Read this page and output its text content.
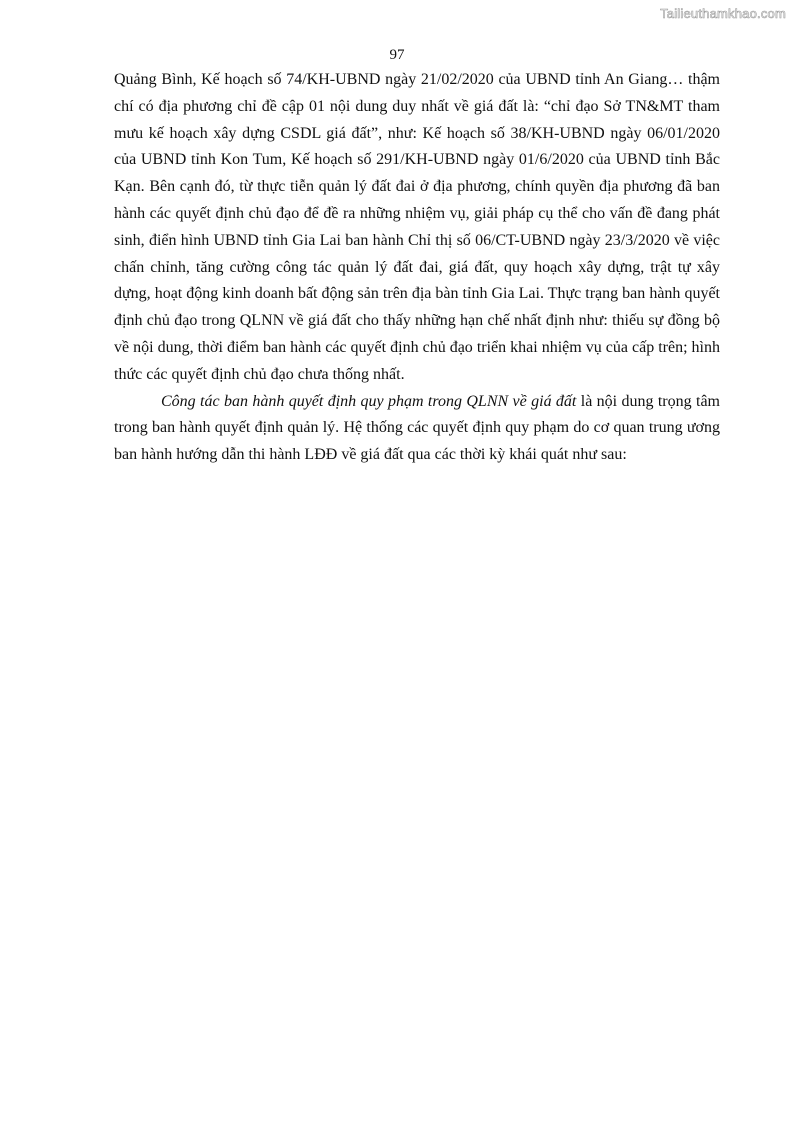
Tailieuthamkhao.com
97

Quảng Bình, Kế hoạch số 74/KH-UBND ngày 21/02/2020 của UBND tỉnh An Giang… thậm chí có địa phương chỉ đề cập 01 nội dung duy nhất về giá đất là: “chỉ đạo Sở TN&MT tham mưu kế hoạch xây dựng CSDL giá đất”, như: Kế hoạch số 38/KH-UBND ngày 06/01/2020 của UBND tỉnh Kon Tum, Kế hoạch số 291/KH-UBND ngày 01/6/2020 của UBND tỉnh Bắc Kạn. Bên cạnh đó, từ thực tiễn quản lý đất đai ở địa phương, chính quyền địa phương đã ban hành các quyết định chủ đạo để đề ra những nhiệm vụ, giải pháp cụ thể cho vấn đề đang phát sinh, điển hình UBND tỉnh Gia Lai ban hành Chỉ thị số 06/CT-UBND ngày 23/3/2020 về việc chấn chỉnh, tăng cường công tác quản lý đất đai, giá đất, quy hoạch xây dựng, trật tự xây dựng, hoạt động kinh doanh bất động sản trên địa bàn tỉnh Gia Lai. Thực trạng ban hành quyết định chủ đạo trong QLNN về giá đất cho thấy những hạn chế nhất định như: thiếu sự đồng bộ về nội dung, thời điểm ban hành các quyết định chủ đạo triển khai nhiệm vụ của cấp trên; hình thức các quyết định chủ đạo chưa thống nhất.

Công tác ban hành quyết định quy phạm trong QLNN về giá đất là nội dung trọng tâm trong ban hành quyết định quản lý. Hệ thống các quyết định quy phạm do cơ quan trung ương ban hành hướng dẫn thi hành LĐĐ về giá đất qua các thời kỳ khái quát như sau:
